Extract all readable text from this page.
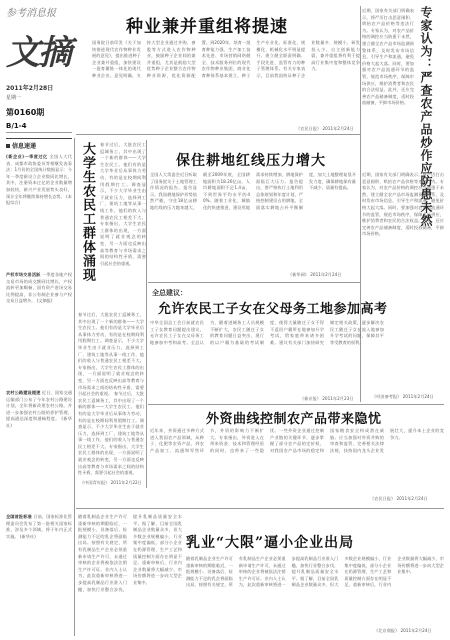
参考消息报
文摘
2011年2月28日
星期一
第0160期
B/1-4
信息速递
(新企业)一季度过亿 全国人大代表、成都市政协委员等相继发表看法：1月份的全国统计数据显示：今年一季度新设立企业数同比增长，其中，注册资本过亿的企业数量增加较快，新兴产业发展势头良好，预计全年将继续保持增长态势。 (本报综合)
产权市场交易活跃 一季度各地产权交易市场的成交额同比增长，产权流转更加顺畅，国有资产进场交易比例提高，非公有制企业参与产权交易日益增多。 (文摘报)
农村公路建设提速 近日，国家交通运输部门公布了今年农村公路建设计划，全年将新改建农村公路，并进一步加强农村公路的养护管理，提高通达深度和通畅程度。 (新华社)
全国首批标准 日前，国家标准化管理委员会发布了第一批相关国家标准，涉及多个领域，将于年内正式实施。 (新华社)
种业兼并重组将提速
国务院日前印发《关于加快推进现代农作物种业发展的意见》，提出推进种子企业兼并重组，加快建设一批育繁推一体化的现代种业企业。意见明确，支持大型企业通过并购、参股等方式进入农作物种业，鼓励种子企业间的兼并重组，尤其是鼓励大型优势种子企业整合农作物种业资源，优化资源配置。到2020年，培育一批育种能力强、生产加工技术先进、市场营销网络健全、技术服务到位的现代农作物种业集团，商业化育种体系基本建立，种子生产专业化、标准化、规模化、机械化水平明显提升，建立健全职责明确、手段先进、监管有力的种子管理体系。有关专家表示，目前我国持证种子企业数量多、规模小，研发投入少，自主创新能力弱，兼并重组将有利于提高行业集中度和整体竞争力。
《农民日报》 2011年2月24日	专家认为：严查农产品炒作应防患未然
近期，国家有关部门明确表示，将严厉打击恶意囤积、哄抬农产品价格等违法行为。专家认为，对农产品价格的调控应当防患于未然，建立健全农产品市场监测预警体系，及时发布市场信息，引导生产和流通，避免价格大起大落。同时，要加强对农产品流通环节的监管，规范市场秩序，保障市场供应，维护消费者和农民的合法权益。此外，还应完善农产品储备制度，适时投放储备，平抑市场价格。
近期，国家有关部门明确表示，将严厉打击恶意囤积、哄抬农产品价格等违法行为。专家认为，对农产品价格的调控应当防患于未然，建立健全农产品市场监测预警体系，及时发布市场信息，引导生产和流通，避免价格大起大落。同时，要加强对农产品流通环节的监管，规范市场秩序，保障市场供应，维护消费者和农民的合法权益。此外，还应完善农产品储备制度，适时投放储备，平抑市场价格。
《经济参考报》 2011年2月24日
大学生农民工群体涌现	春节过后，大批农民工返城务工，其中出现了一个新的群体——大学生农民工。他们有的是大学毕业后从事体力劳动，有的是在校期间利用假期打工。调查显示，不少大学毕业生由于就业压力，选择到工厂、建筑工地等从事一线工作，他们的收入与普通农民工相差不大。专家指出，大学生农民工群体的出现，一方面说明了就业观念的转变，另一方面也反映出高等教育与市场需求之间的结构性矛盾，需要引起社会的重视。
春节过后，大批农民工返城务工，其中出现了一个新的群体——大学生农民工。他们有的是大学毕业后从事体力劳动，有的是在校期间利用假期打工。调查显示，不少大学毕业生由于就业压力，选择到工厂、建筑工地等从事一线工作，他们的收入与普通农民工相差不大。专家指出，大学生农民工群体的出现，一方面说明了就业观念的转变，另一方面也反映出高等教育与市场需求之间的结构性矛盾，需要引起社会的重视。 春节过后，大批农民工返城务工，其中出现了一个新的群体——大学生农民工。他们有的是大学毕业后从事体力劳动，有的是在校期间利用假期打工。调查显示，不少大学毕业生由于就业压力，选择到工厂、建筑工地等从事一线工作，他们的收入与普通农民工相差不大。专家指出，大学生农民工群体的出现，一方面说明了就业观念的转变，另一方面也反映出高等教育与市场需求之间的结构性矛盾，需要引起社会的重视。
《中国青年报》 2011年2月22日
保住耕地红线压力增大
全国人大常委会近日听取了国务院关于土地管理工作情况的报告。报告显示，我国耕地保护形势依然严峻，守住18亿亩耕地红线的压力越来越大。截至2009年底，全国耕地面积为18.26亿亩，人均耕地面积不足1.4亩，不到世界平均水平的40%。随着工业化、城镇化的快速推进，建设用地需求持续增加，耕地保护面临巨大压力。报告提出，要严格执行土地利用总体规划和年度计划，严格控制建设占用耕地，全面落实耕地占补平衡制度，加大土地整理复垦开发力度，确保耕地保有量不减少、质量有提高。
《新华网》 2011年2月24日
全总建议：
允许农民工子女在父母务工地参加高考
中华全国总工会日前就农民工子女教育问题提出建议，允许农民工子女在父母务工地参加中考和高考。全总认为，随着进城务工人员规模不断扩大，农民工随迁子女的教育问题日益突出，现行的以户籍为基础的考试制度，使得大量随迁子女不得不返回户籍所在地参加升学考试，给家庭带来诸多困难。建议有关部门加快研究制定相关政策，逐步解决农民工随迁子女在流入地参加升学考试的问题，保障其平等受教育的权利。
《新京报》 2011年2月23日
外资曲线控制农产品带来隐忧
近年来，外资通过多种方式进入我国农产品领域，从种子、化肥等农资产品，到农产品加工、流通和零售环节，外资的影响力不断扩大。专家指出，外资进入在带来资金、技术和管理经验的同时，也带来了一些隐忧。一些外资企业通过控制产业链的关键环节，逐步掌握了部分农产品的定价权，对我国农产品市场的稳定和国家粮食安全构成潜在威胁。应当加强对外资并购的审查和监管，完善相关法律法规，扶持国内龙头企业发展壮大，提升本土企业的竞争力。
《农民日报》 2011年2月24日
乳业“大限”逼小企业出局
随着乳制品企业生产许可重新审核的期限临近，一批规模小、设备落后、检测能力不足的乳企将面临出局。按照有关规定，所有乳制品生产企业必须重新申请生产许可，未通过审核的企业将被依法注销生产许可证。业内人士认为，此次重新审核将进一步提高乳制品行业准入门槛，加快行业整合步伐，提升乳制品质量安全水平。据了解，目前全国乳制品企业数量众多，但大多数企业规模偏小，行业集中度偏低，部分小企业在奶源管理、生产工艺和质量控制方面存在明显不足。重新审核后，行业内企业数量将大幅减少，市场份额将进一步向大型企业集中。
随着乳制品企业生产许可重新审核的期限临近，一批规模小、设备落后、检测能力不足的乳企将面临出局。按照有关规定，所有乳制品生产企业必须重新申请生产许可，未通过审核的企业将被依法注销生产许可证。业内人士认为，此次重新审核将进一步提高乳制品行业准入门槛，加快行业整合步伐，提升乳制品质量安全水平。据了解，目前全国乳制品企业数量众多，但大多数企业规模偏小，行业集中度偏低，部分小企业在奶源管理、生产工艺和质量控制方面存在明显不足。重新审核后，行业内企业数量将大幅减少，市场份额将进一步向大型企业集中。
《北京商报》 2011年2月24日
